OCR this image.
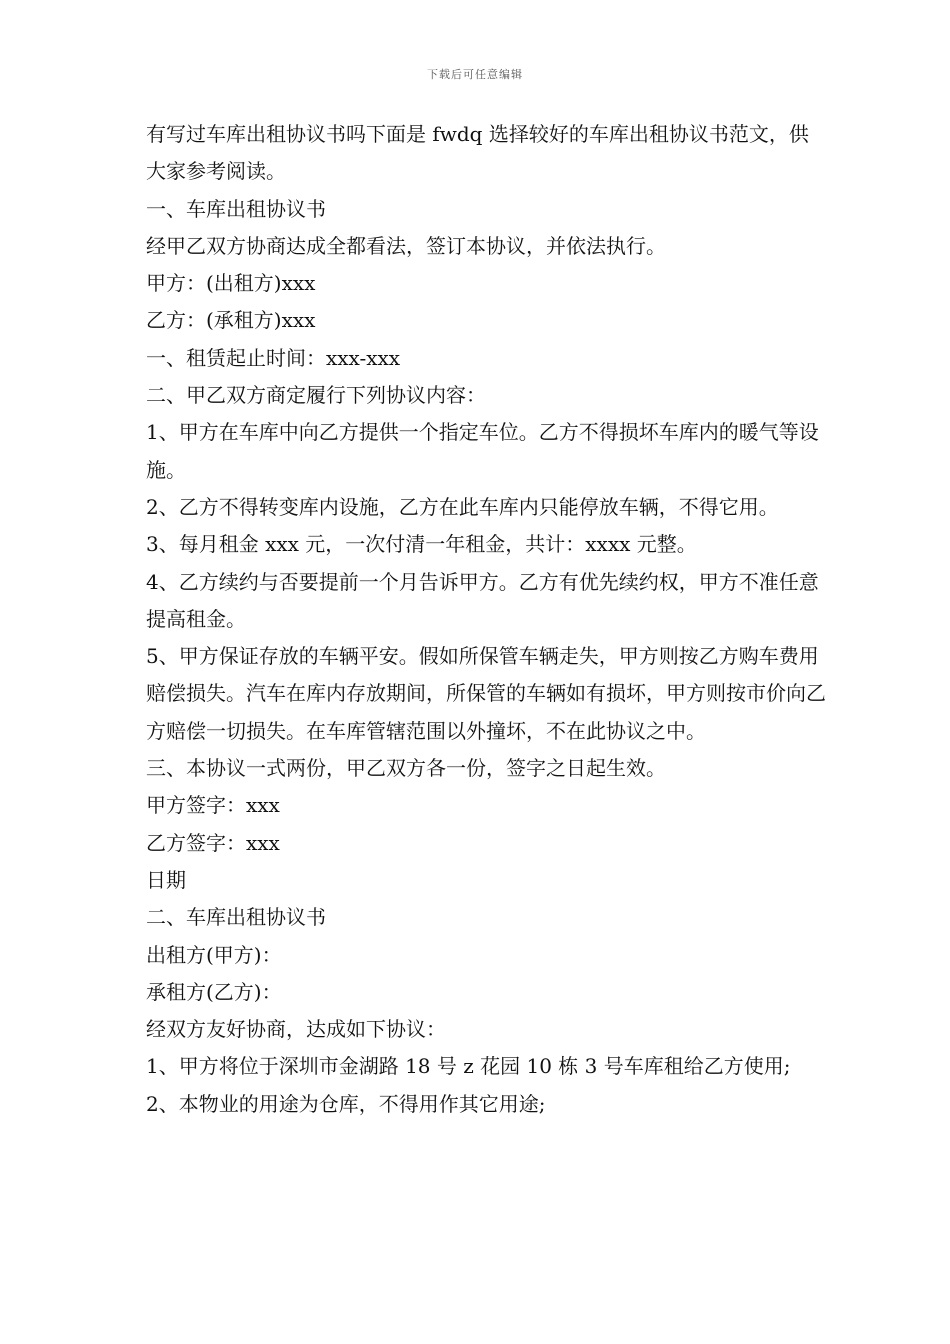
下载后可任意编辑

有写过车库出租协议书吗下面是 fwdq 选择较好的车库出租协议书范文，供大家参考阅读。

一、车库出租协议书

经甲乙双方协商达成全都看法，签订本协议，并依法执行。

甲方：(出租方)xxx

乙方：(承租方)xxx

一、租赁起止时间：xxx-xxx

二、甲乙双方商定履行下列协议内容：

1、甲方在车库中向乙方提供一个指定车位。乙方不得损坏车库内的暖气等设施。

2、乙方不得转变库内设施，乙方在此车库内只能停放车辆，不得它用。

3、每月租金 xxx 元，一次付清一年租金，共计：xxxx 元整。

4、乙方续约与否要提前一个月告诉甲方。乙方有优先续约权，甲方不准任意提高租金。

5、甲方保证存放的车辆平安。假如所保管车辆走失，甲方则按乙方购车费用赔偿损失。汽车在库内存放期间，所保管的车辆如有损坏，甲方则按市价向乙方赔偿一切损失。在车库管辖范围以外撞坏，不在此协议之中。

三、本协议一式两份，甲乙双方各一份，签字之日起生效。

甲方签字：xxx

乙方签字：xxx

日期

二、车库出租协议书

出租方(甲方)：

承租方(乙方)：

经双方友好协商，达成如下协议：

1、甲方将位于深圳市金湖路 18 号 z 花园 10 栋 3 号车库租给乙方使用;

2、本物业的用途为仓库，不得用作其它用途;
